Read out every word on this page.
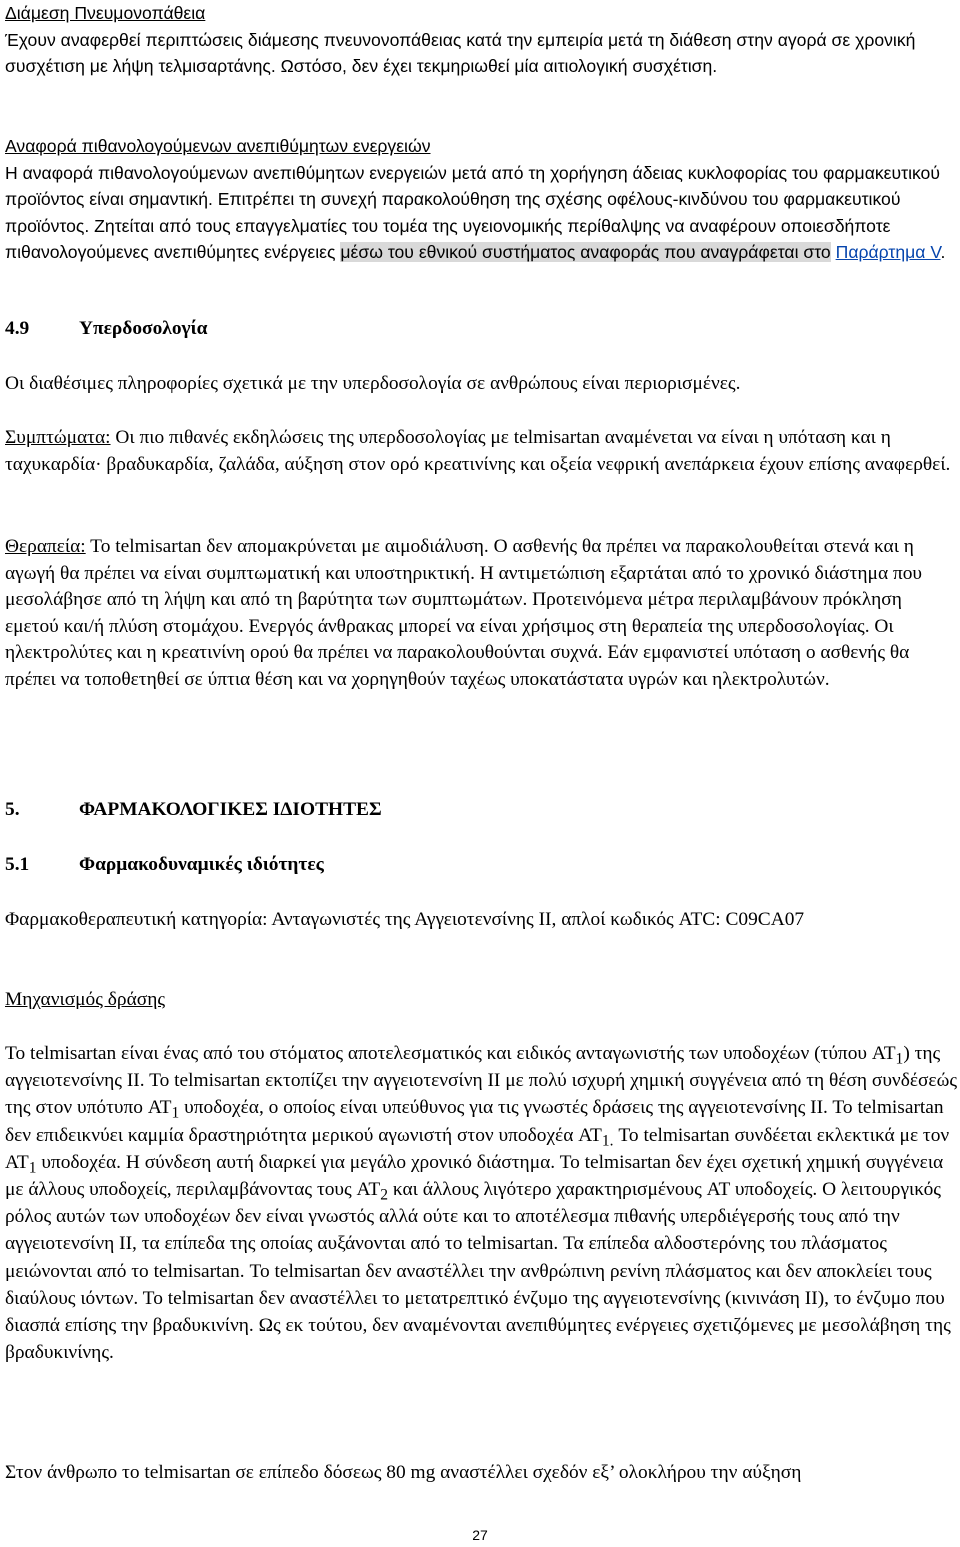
Διάμεση Πνευμονοπάθεια

Έχουν αναφερθεί περιπτώσεις διάμεσης πνευνονοπάθειας κατά την εμπειρία μετά τη διάθεση στην αγορά σε χρονική συσχέτιση με λήψη τελμισαρτάνης. Ωστόσο, δεν έχει τεκμηριωθεί μία αιτιολογική συσχέτιση.

Αναφορά πιθανολογούμενων ανεπιθύμητων ενεργειών

Η αναφορά πιθανολογούμενων ανεπιθύμητων ενεργειών μετά από τη χορήγηση άδειας κυκλοφορίας του φαρμακευτικού προϊόντος είναι σημαντική. Επιτρέπει τη συνεχή παρακολούθηση της σχέσης οφέλους-κινδύνου του φαρμακευτικού προϊόντος. Ζητείται από τους επαγγελματίες του τομέα της υγειονομικής περίθαλψης να αναφέρουν οποιεσδήποτε πιθανολογούμενες ανεπιθύμητες ενέργειες μέσω του εθνικού συστήματος αναφοράς που αναγράφεται στο Παράρτημα V.

4.9	Υπερδοσολογία

Οι διαθέσιμες πληροφορίες σχετικά με την υπερδοσολογία σε ανθρώπους είναι περιορισμένες.

Συμπτώματα: Οι πιο πιθανές εκδηλώσεις της υπερδοσολογίας με telmisartan αναμένεται να είναι η υπόταση και η ταχυκαρδία· βραδυκαρδία, ζαλάδα, αύξηση στον ορό κρεατινίνης και οξεία νεφρική ανεπάρκεια έχουν επίσης αναφερθεί.

Θεραπεία: Το telmisartan δεν απομακρύνεται με αιμοδιάλυση. Ο ασθενής θα πρέπει να παρακολουθείται στενά και η αγωγή θα πρέπει να είναι συμπτωματική και υποστηρικτική. Η αντιμετώπιση εξαρτάται από το χρονικό διάστημα που μεσολάβησε από τη λήψη και από τη βαρύτητα των συμπτωμάτων. Προτεινόμενα μέτρα περιλαμβάνουν πρόκληση εμετού και/ή πλύση στομάχου. Ενεργός άνθρακας μπορεί να είναι χρήσιμος στη θεραπεία της υπερδοσολογίας. Οι ηλεκτρολύτες και η κρεατινίνη ορού θα πρέπει να παρακολουθούνται συχνά. Εάν εμφανιστεί υπόταση ο ασθενής θα πρέπει να τοποθετηθεί σε ύπτια θέση και να χορηγηθούν ταχέως υποκατάστατα υγρών και ηλεκτρολυτών.

5.	ΦΑΡΜΑΚΟΛΟΓΙΚΕΣ ΙΔΙΟΤΗΤΕΣ
5.1	Φαρμακοδυναμικές ιδιότητες

Φαρμακοθεραπευτική κατηγορία: Ανταγωνιστές της Αγγειοτενσίνης ΙΙ, απλοί κωδικός ATC: C09CA07

Μηχανισμός δράσης

Το telmisartan είναι ένας από του στόματος αποτελεσματικός και ειδικός ανταγωνιστής των υποδοχέων (τύπου $AT_1$) της αγγειοτενσίνης ΙΙ. Το telmisartan εκτοπίζει την αγγειοτενσίνη ΙΙ με πολύ ισχυρή χημική συγγένεια από τη θέση συνδέσεώς της στον υπότυπο $AT_1$ υποδοχέα, ο οποίος είναι υπεύθυνος για τις γνωστές δράσεις της αγγειοτενσίνης ΙΙ. Το telmisartan δεν επιδεικνύει καμμία δραστηριότητα μερικού αγωνιστή στον υποδοχέα $AT_{1.}$ Το telmisartan συνδέεται εκλεκτικά με τον $AT_1$ υποδοχέα. Η σύνδεση αυτή διαρκεί για μεγάλο χρονικό διάστημα. Το telmisartan δεν έχει σχετική χημική συγγένεια με άλλους υποδοχείς, περιλαμβάνοντας τους $AT_2$ και άλλους λιγότερο χαρακτηρισμένους AT υποδοχείς. Ο λειτουργικός ρόλος αυτών των υποδοχέων δεν είναι γνωστός αλλά ούτε και το αποτέλεσμα πιθανής υπερδιέγερσής τους από την αγγειοτενσίνη ΙΙ, τα επίπεδα της οποίας αυξάνονται από το telmisartan. Τα επίπεδα αλδοστερόνης του πλάσματος μειώνονται από το telmisartan. Το telmisartan δεν αναστέλλει την ανθρώπινη ρενίνη πλάσματος και δεν αποκλείει τους διαύλους ιόντων. Το telmisartan δεν αναστέλλει το μετατρεπτικό ένζυμο της αγγειοτενσίνης (κινινάση ΙΙ), το ένζυμο που διασπά επίσης την βραδυκινίνη. Ως εκ τούτου, δεν αναμένονται ανεπιθύμητες ενέργειες σχετιζόμενες με μεσολάβηση της βραδυκινίνης.

Στον άνθρωπο το telmisartan σε επίπεδο δόσεως 80 mg αναστέλλει σχεδόν εξ’ ολοκλήρου την αύξηση

27
